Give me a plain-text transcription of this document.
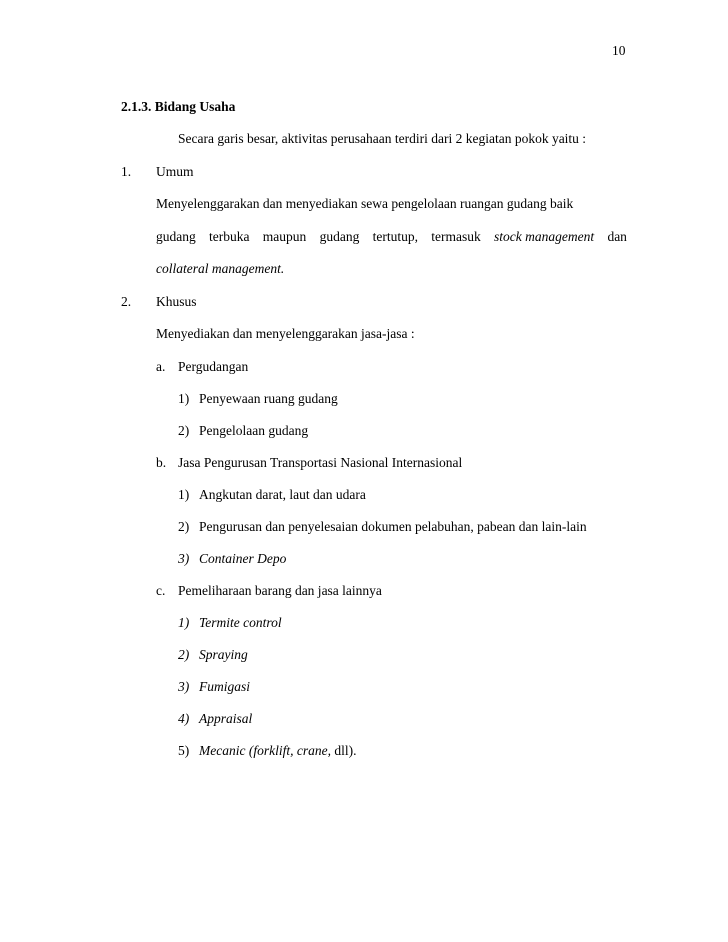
10
2.1.3. Bidang Usaha
Secara garis besar, aktivitas perusahaan terdiri dari 2 kegiatan pokok yaitu :
1. Umum
Menyelenggarakan dan menyediakan sewa pengelolaan ruangan gudang baik
gudang terbuka maupun gudang tertutup, termasuk stock management dan
collateral management.
2. Khusus
Menyediakan dan menyelenggarakan jasa-jasa :
a. Pergudangan
1) Penyewaan ruang gudang
2) Pengelolaan gudang
b. Jasa Pengurusan Transportasi Nasional Internasional
1) Angkutan darat, laut dan udara
2) Pengurusan dan penyelesaian dokumen pelabuhan, pabean dan lain-lain
3) Container Depo
c. Pemeliharaan barang dan jasa lainnya
1) Termite control
2) Spraying
3) Fumigasi
4) Appraisal
5) Mecanic (forklift, crane, dll).
